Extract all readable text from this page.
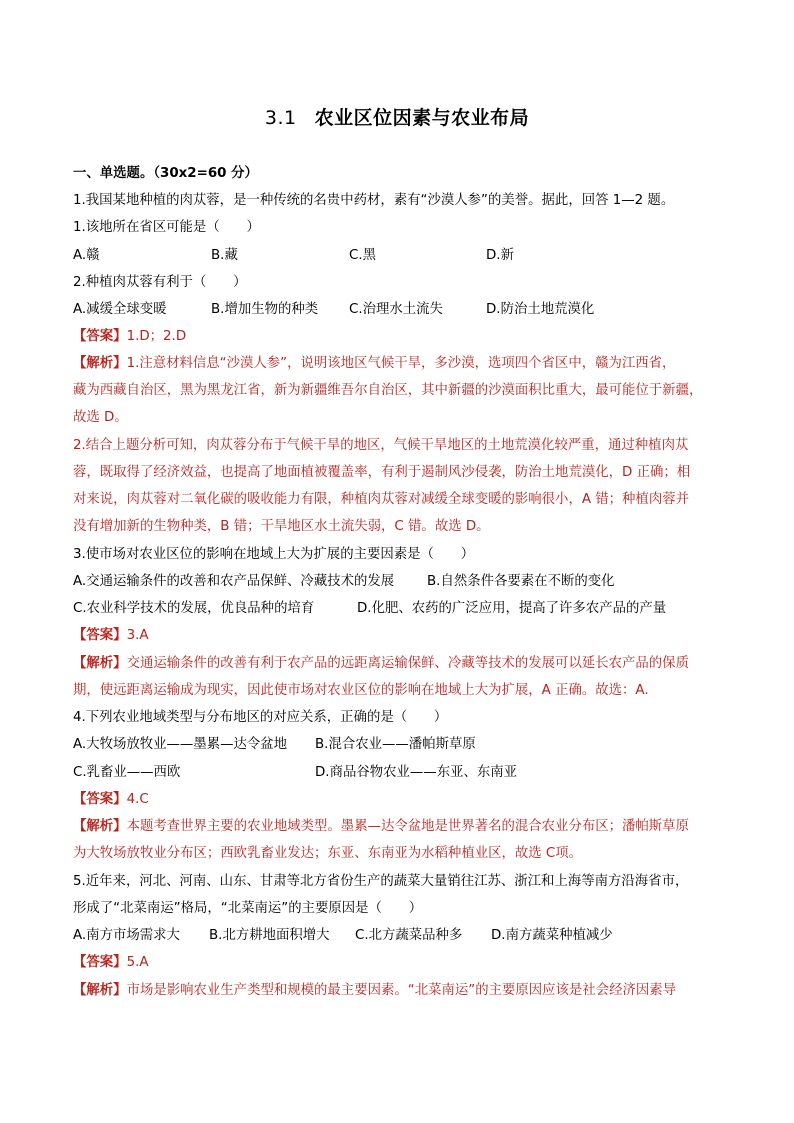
3.1 农业区位因素与农业布局
一、单选题。（30x2=60 分）
1.我国某地种植的肉苁蓉，是一种传统的名贵中药材，素有“沙漠人参”的美誉。据此，回答 1—2 题。
1.该地所在省区可能是（　　）
A.赣	B.藏	C.黑	D.新
2.种植肉苁蓉有利于（　　）
A.减缓全球变暖	B.增加生物的种类 C.治理水土流失	D.防治土地荒漠化
【答案】1.D；2.D
【解析】1.注意材料信息“沙漠人参”，说明该地区气候干旱，多沙漠，选项四个省区中，赣为江西省，
藏为西藏自治区，黑为黑龙江省，新为新疆维吾尔自治区，其中新疆的沙漠面积比重大，最可能位于新疆，
故选 D。
2.结合上题分析可知，肉苁蓉分布于气候干旱的地区，气候干旱地区的土地荒漠化较严重，通过种植肉苁
蓉，既取得了经济效益，也提高了地面植被覆盖率，有利于遏制风沙侵袭，防治土地荒漠化，D 正确；相
对来说，肉苁蓉对二氧化碳的吸收能力有限，种植肉苁蓉对减缓全球变暖的影响很小，A 错；种植肉蓉并
没有增加新的生物种类，B 错；干旱地区水土流失弱，C 错。故选 D。
3.使市场对农业区位的影响在地域上大为扩展的主要因素是（　　）
A.交通运输条件的改善和农产品保鲜、冷藏技术的发展 B.自然条件各要素在不断的变化
C.农业科学技术的发展，优良品种的培育	D.化肥、农药的广泛应用，提高了许多农产品的产量
【答案】3.A
【解析】交通运输条件的改善有利于农产品的远距离运输保鲜、冷藏等技术的发展可以延长农产品的保质
期，使远距离运输成为现实，因此使市场对农业区位的影响在地域上大为扩展，A 正确。故选：A.
4.下列农业地域类型与分布地区的对应关系，正确的是（　　）
A.大牧场放牧业——墨累—达令盆地 B.混合农业——潘帕斯草原
C.乳畜业——西欧	D.商品谷物农业——东亚、东南亚
【答案】4.C
【解析】本题考查世界主要的农业地域类型。墨累—达令盆地是世界著名的混合农业分布区；潘帕斯草原
为大牧场放牧业分布区；西欧乳畜业发达；东亚、东南亚为水稻种植业区，故选 C项。
5.近年来，河北、河南、山东、甘肃等北方省份生产的蔬菜大量销往江苏、浙江和上海等南方沿海省市，
形成了“北菜南运”格局，“北菜南运”的主要原因是（　　）
A.南方市场需求大 B.北方耕地面积增大 C.北方蔬菜品种多 D.南方蔬菜种植减少
【答案】5.A
【解析】市场是影响农业生产类型和规模的最主要因素。“北菜南运”的主要原因应该是社会经济因素导
